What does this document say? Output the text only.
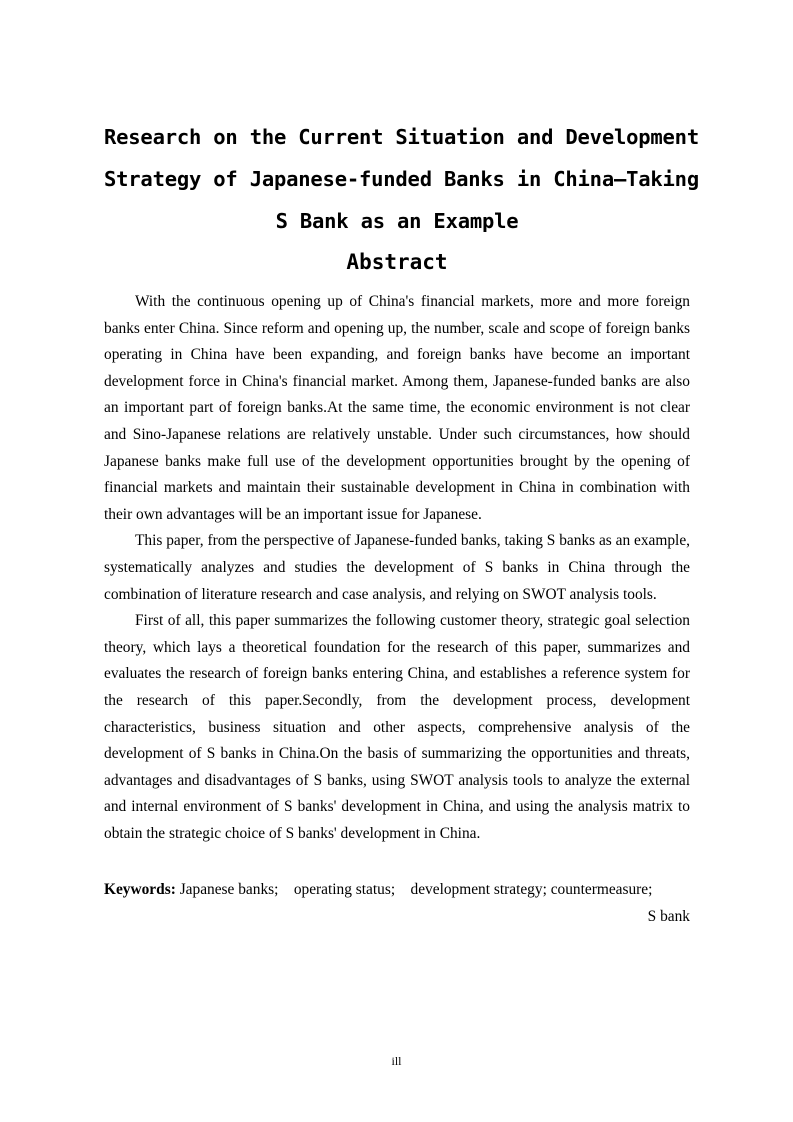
Research on the Current Situation and Development
Strategy of Japanese-funded Banks in China—Taking
S Bank as an Example
Abstract

With the continuous opening up of China's financial markets, more and more foreign banks enter China. Since reform and opening up, the number, scale and scope of foreign banks operating in China have been expanding, and foreign banks have become an important development force in China's financial market. Among them, Japanese-funded banks are also an important part of foreign banks.At the same time, the economic environment is not clear and Sino-Japanese relations are relatively unstable. Under such circumstances, how should Japanese banks make full use of the development opportunities brought by the opening of financial markets and maintain their sustainable development in China in combination with their own advantages will be an important issue for Japanese.

This paper, from the perspective of Japanese-funded banks, taking S banks as an example, systematically analyzes and studies the development of S banks in China through the combination of literature research and case analysis, and relying on SWOT analysis tools.

First of all, this paper summarizes the following customer theory, strategic goal selection theory, which lays a theoretical foundation for the research of this paper, summarizes and evaluates the research of foreign banks entering China, and establishes a reference system for the research of this paper.Secondly, from the development process, development characteristics, business situation and other aspects, comprehensive analysis of the development of S banks in China.On the basis of summarizing the opportunities and threats, advantages and disadvantages of S banks, using SWOT analysis tools to analyze the external and internal environment of S banks' development in China, and using the analysis matrix to obtain the strategic choice of S banks' development in China.

Keywords: Japanese banks; operating status; development strategy; countermeasure;
S bank
ill
